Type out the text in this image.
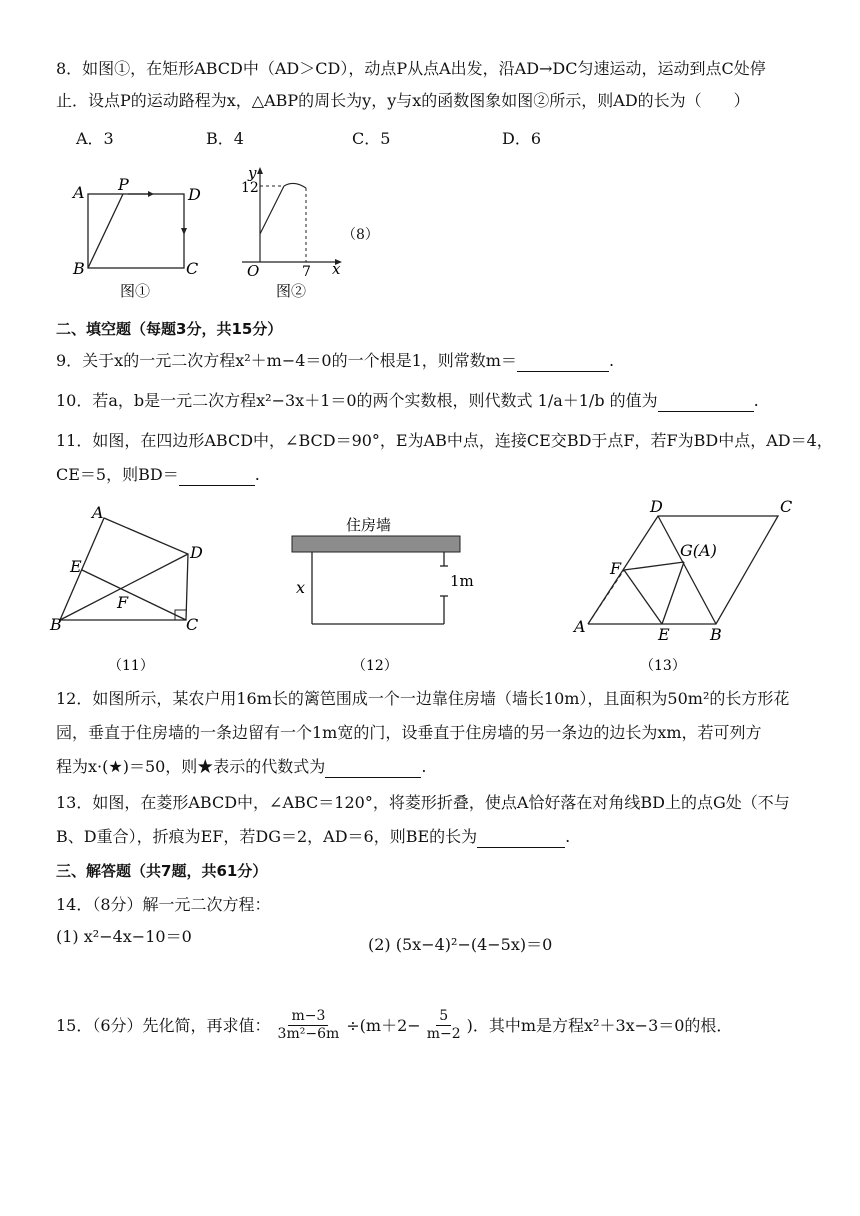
8．如图①，在矩形ABCD中（AD＞CD），动点P从点A出发，沿AD→DC匀速运动，运动到点C处停
止．设点P的运动路程为x，△ABP的周长为y，y与x的函数图象如图②所示，则AD的长为（　　）
A．3	B．4	C．5	D．6
A P
D
B	C
图①
y
12
O	7 x
图②
（8）
二、填空题（每题3分，共15分）
9．关于x的一元二次方程x²＋m−4＝0的一个根是1，则常数m＝	.
10．若a，b是一元二次方程x²−3x＋1＝0的两个实数根，则代数式 1/a＋1/b 的值为	.
11．如图，在四边形ABCD中，∠BCD＝90°，E为AB中点，连接CE交BD于点F，若F为BD中点，AD＝4，
CE＝5，则BD＝	.
A
D
E
F
B	C
（11）
住房墙
x	1m
（12）
D	C
G(A)
F
A	E	B
（13）
12．如图所示，某农户用16m长的篱笆围成一个一边靠住房墙（墙长10m），且面积为50m²的长方形花
园，垂直于住房墙的一条边留有一个1m宽的门，设垂直于住房墙的另一条边的边长为xm，若可列方
程为x·(★)＝50，则★表示的代数式为	.
13．如图，在菱形ABCD中，∠ABC＝120°，将菱形折叠，使点A恰好落在对角线BD上的点G处（不与
B、D重合），折痕为EF，若DG＝2，AD＝6，则BE的长为	.
三、解答题（共7题，共61分）
14．（8分）解一元二次方程：
(1) x²−4x−10＝0	(2) (5x−4)²−(4−5x)＝0
15．（6分）先化简，再求值： $\frac{m-3}{\text{3m²−6m}} \div(m+2- \frac{5}{m-2}$ )．其中m是方程x²＋3x−3＝0的根．
